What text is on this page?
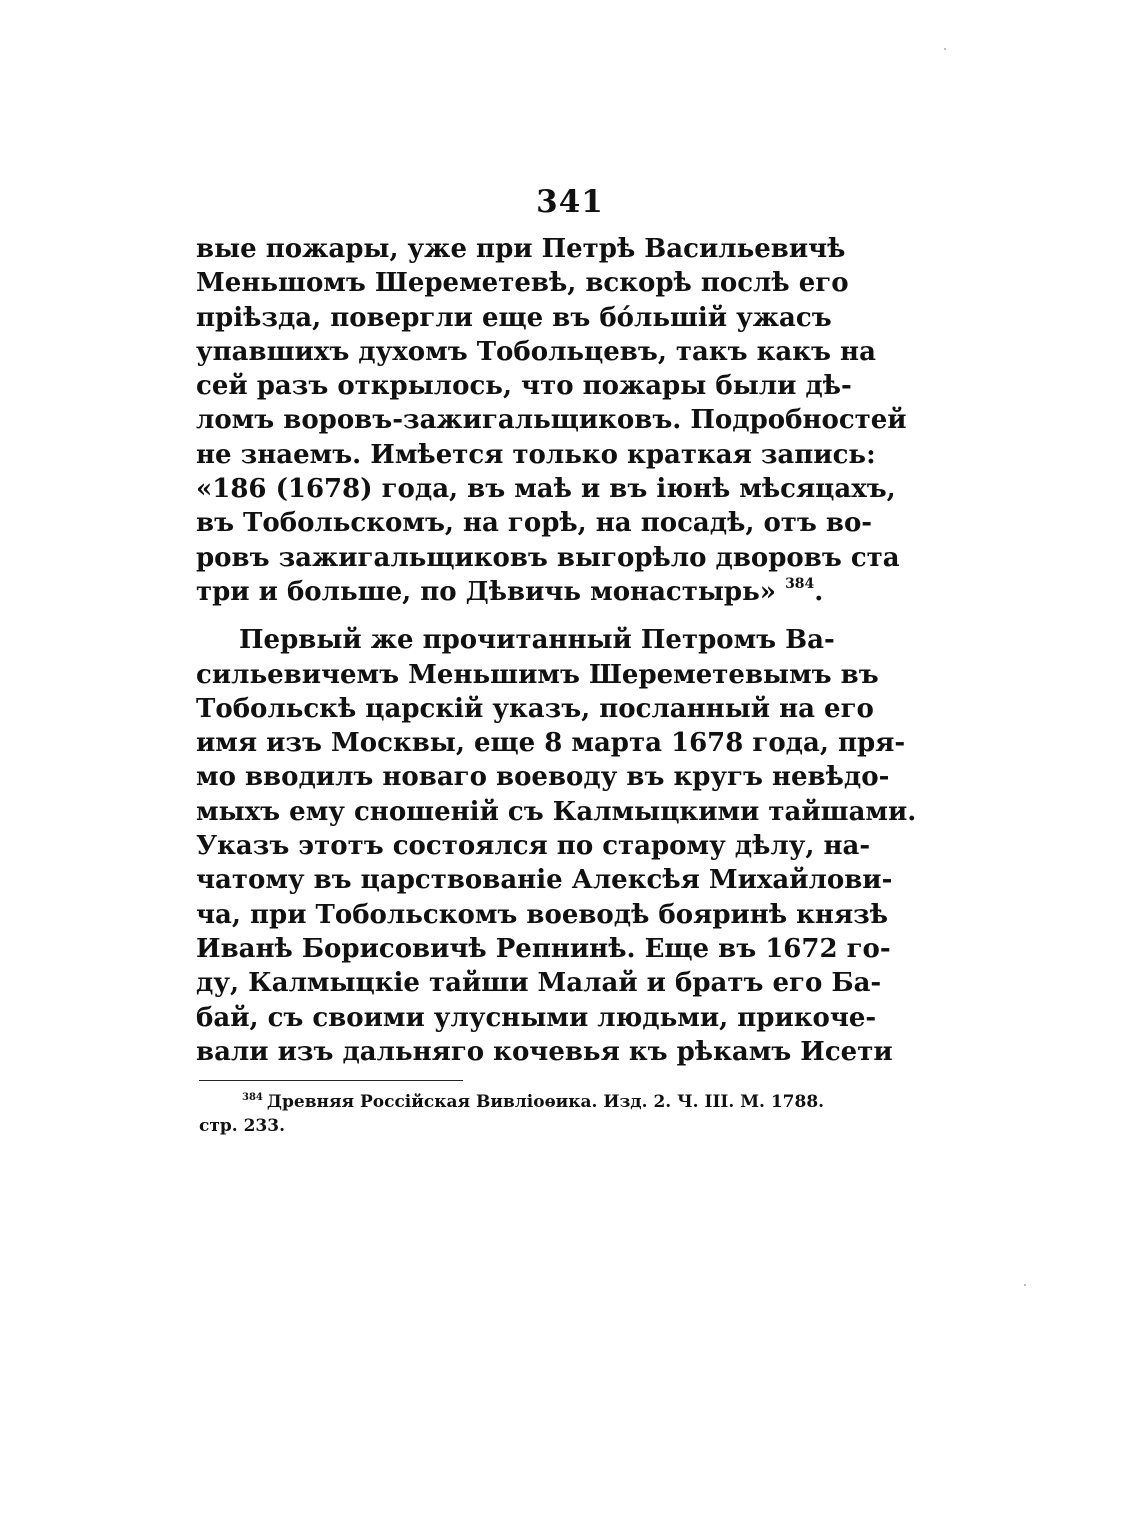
341
вые пожары, уже при Петрѣ Васильевичѣ
Меньшомъ Шереметевѣ, вскорѣ послѣ его
прiѣзда, повергли еще въ бóльшiй ужасъ
упавшихъ духомъ Тобольцевъ, такъ какъ на
сей разъ открылось, что пожары были дѣ-
ломъ воровъ-зажигальщиковъ. Подробностей
не знаемъ. Имѣется только краткая запись:
«186 (1678) года, въ маѣ и въ iюнѣ мѣсяцахъ,
въ Тобольскомъ, на горѣ, на посадѣ, отъ во-
ровъ зажигальщиковъ выгорѣло дворовъ ста
три и больше, по Дѣвичь монастырь» $^{384}$.
Первый же прочитанный Петромъ Ва-
сильевичемъ Меньшимъ Шереметевымъ въ
Тобольскѣ царскiй указъ, посланный на его
имя изъ Москвы, еще 8 марта 1678 года, пря-
мо вводилъ новаго воеводу въ кругъ невѣдо-
мыхъ ему сношенiй съ Калмыцкими тайшами.
Указъ этотъ состоялся по старому дѣлу, на-
чатому въ царствованiе Алексѣя Михайлови-
ча, при Тобольскомъ воеводѣ бояринѣ князѣ
Иванѣ Борисовичѣ Репнинѣ. Еще въ 1672 го-
ду, Калмыцкiе тайши Малай и братъ его Ба-
бай, съ своими улусными людьми, прикоче-
вали изъ дальняго кочевья къ рѣкамъ Исети
$^{384}$ Древняя Россiйская Вивлiоѳика. Изд. 2. Ч. III. М. 1788.
стр. 233.
